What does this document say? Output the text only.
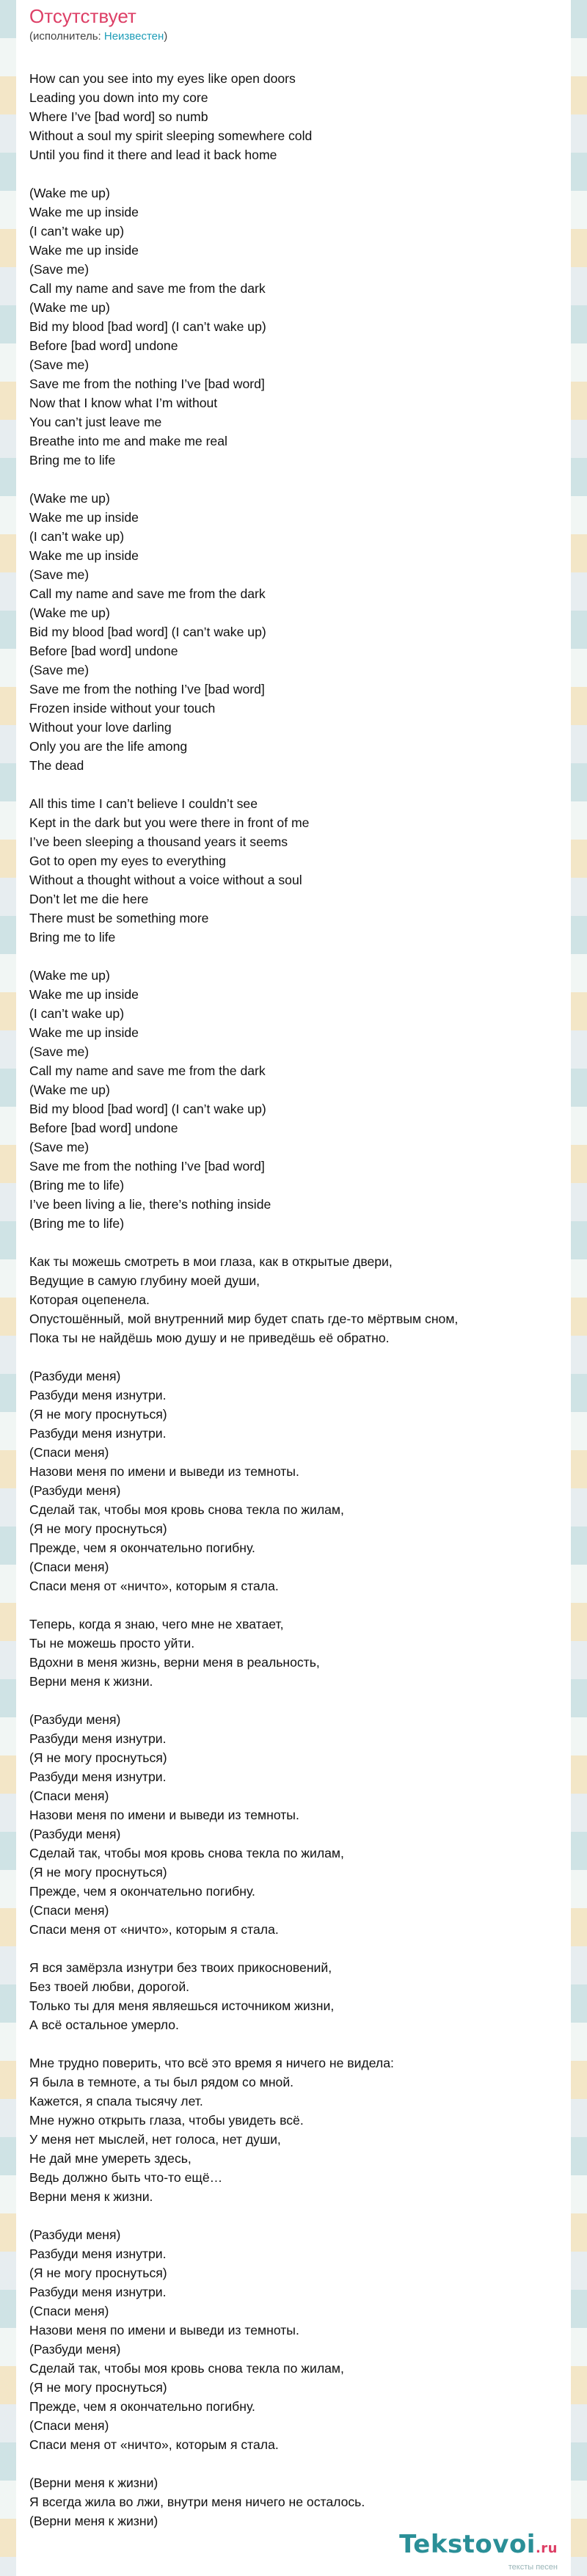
Отсутствует
(исполнитель: Неизвестен)
How can you see into my eyes like open doors
Leading you down into my core
Where I’ve [bad word] so numb
Without a soul my spirit sleeping somewhere cold
Until you find it there and lead it back home
(Wake me up)
Wake me up inside
(I can’t wake up)
Wake me up inside
(Save me)
Call my name and save me from the dark
(Wake me up)
Bid my blood [bad word] (I can’t wake up)
Before [bad word] undone
(Save me)
Save me from the nothing I’ve [bad word]
Now that I know what I’m without
You can’t just leave me
Breathe into me and make me real
Bring me to life
(Wake me up)
Wake me up inside
(I can’t wake up)
Wake me up inside
(Save me)
Call my name and save me from the dark
(Wake me up)
Bid my blood [bad word] (I can’t wake up)
Before [bad word] undone
(Save me)
Save me from the nothing I’ve [bad word]
Frozen inside without your touch
Without your love darling
Only you are the life among
The dead
All this time I can’t believe I couldn’t see
Kept in the dark but you were there in front of me
I’ve been sleeping a thousand years it seems
Got to open my eyes to everything
Without a thought without a voice without a soul
Don’t let me die here
There must be something more
Bring me to life
(Wake me up)
Wake me up inside
(I can’t wake up)
Wake me up inside
(Save me)
Call my name and save me from the dark
(Wake me up)
Bid my blood [bad word] (I can’t wake up)
Before [bad word] undone
(Save me)
Save me from the nothing I’ve [bad word]
(Bring me to life)
I’ve been living a lie, there’s nothing inside
(Bring me to life)
Как ты можешь смотреть в мои глаза, как в открытые двери,
Ведущие в самую глубину моей души,
Которая оцепенела.
Опустошённый, мой внутренний мир будет спать где-то мёртвым сном,
Пока ты не найдёшь мою душу и не приведёшь её обратно.
(Разбуди меня)
Разбуди меня изнутри.
(Я не могу проснуться)
Разбуди меня изнутри.
(Спаси меня)
Назови меня по имени и выведи из темноты.
(Разбуди меня)
Сделай так, чтобы моя кровь снова текла по жилам,
(Я не могу проснуться)
Прежде, чем я окончательно погибну.
(Спаси меня)
Спаси меня от «ничто», которым я стала.
Теперь, когда я знаю, чего мне не хватает,
Ты не можешь просто уйти.
Вдохни в меня жизнь, верни меня в реальность,
Верни меня к жизни.
(Разбуди меня)
Разбуди меня изнутри.
(Я не могу проснуться)
Разбуди меня изнутри.
(Спаси меня)
Назови меня по имени и выведи из темноты.
(Разбуди меня)
Сделай так, чтобы моя кровь снова текла по жилам,
(Я не могу проснуться)
Прежде, чем я окончательно погибну.
(Спаси меня)
Спаси меня от «ничто», которым я стала.
Я вся замёрзла изнутри без твоих прикосновений,
Без твоей любви, дорогой.
Только ты для меня являешься источником жизни,
А всё остальное умерло.
Мне трудно поверить, что всё это время я ничего не видела:
Я была в темноте, а ты был рядом со мной.
Кажется, я спала тысячу лет.
Мне нужно открыть глаза, чтобы увидеть всё.
У меня нет мыслей, нет голоса, нет души,
Не дай мне умереть здесь,
Ведь должно быть что-то ещё…
Верни меня к жизни.
(Разбуди меня)
Разбуди меня изнутри.
(Я не могу проснуться)
Разбуди меня изнутри.
(Спаси меня)
Назови меня по имени и выведи из темноты.
(Разбуди меня)
Сделай так, чтобы моя кровь снова текла по жилам,
(Я не могу проснуться)
Прежде, чем я окончательно погибну.
(Спаси меня)
Спаси меня от «ничто», которым я стала.
(Верни меня к жизни)
Я всегда жила во лжи, внутри меня ничего не осталось.
(Верни меня к жизни)
Tekstovoi.ru
тексты песен
